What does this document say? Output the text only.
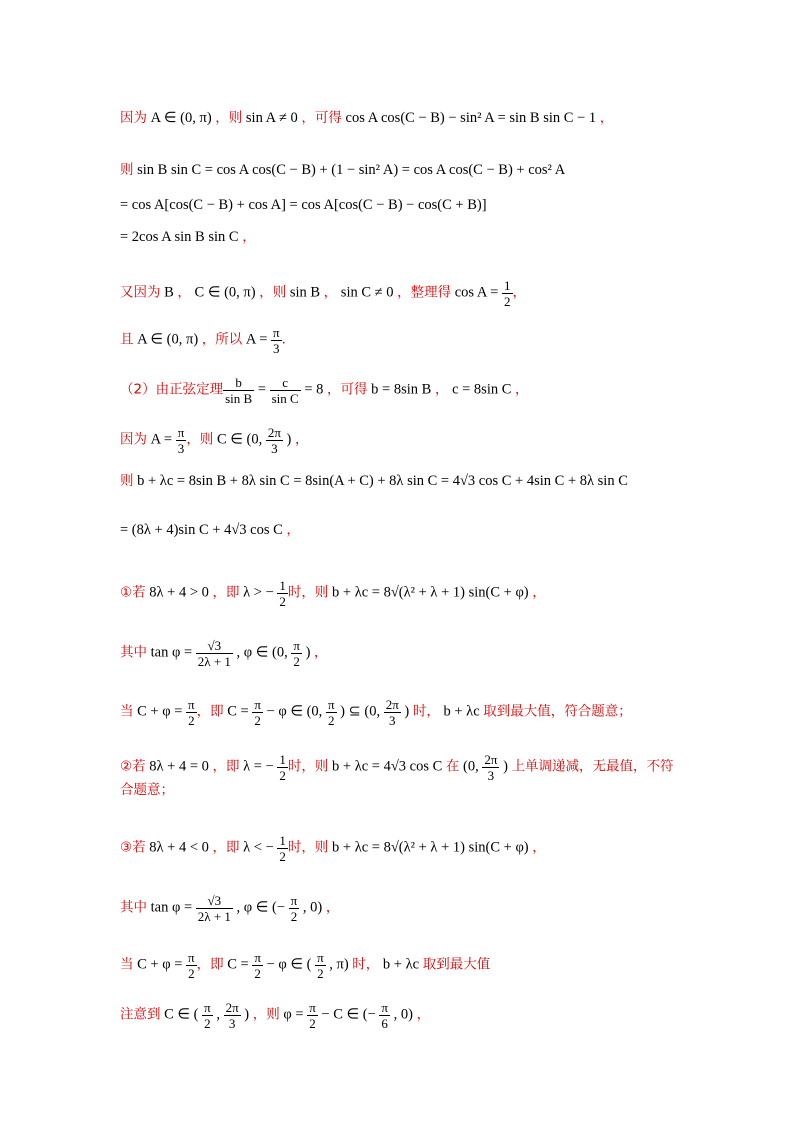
因为 A ∈ (0, π) ，则 sin A ≠ 0 ，可得 cos A cos(C − B) − sin² A = sin B sin C − 1 ，
则 sin B sin C = cos A cos(C − B) + (1 − sin² A) = cos A cos(C − B) + cos² A
= cos A[cos(C − B) + cos A] = cos A[cos(C − B) − cos(C + B)]
= 2cos A sin B sin C ，
又因为 B ， C ∈ (0, π) ，则 sin B ， sin C ≠ 0 ，整理得 $\cos A = \frac{1}{2}$ ，
且 A ∈ (0, π) ，所以 $A = \frac{\pi}{3}$ ．
（2）由正弦定理 $\frac{b}{\text{sin B}} = \frac{c}{\text{sin C}} = 8$ ，可得 b = 8sin B ， c = 8sin C ，
因为 $A = \frac{\pi}{3}$ ，则 C ∈ (0, $\frac{2\pi}{3}$ ) ，
则 b + λc = 8sin B + 8λ sin C = 8sin(A + C) + 8λ sin C = 4√3 cos C + 4sin C + 8λ sin C
= (8λ + 4)sin C + 4√3 cos C ，
①若 8λ + 4 > 0 ，即 λ > − $\frac{1}{2}$ 时，则 b + λc = 8√(λ² + λ + 1) sin(C + φ) ，
其中 $\tan \varphi = \frac{√3}{2\lambda + 1}$ , φ ∈ (0, $\frac{\pi}{2}$ ) ，
当 $C + \varphi = \frac{\pi}{2}$ ，即 $C = \frac{\pi}{2} - \varphi$ ∈ (0, $\frac{\pi}{2}$ ) ⊆ (0, $\frac{2\pi}{3}$ ) 时， b + λc 取到最大值，符合题意；
②若 8λ + 4 = 0 ，即 λ = − $\frac{1}{2}$ 时，则 b + λc = 4√3 cos C 在 (0, $\frac{2\pi}{3}$ ) 上单调递减，无最值，不符
合题意；
③若 8λ + 4 < 0 ，即 λ < − $\frac{1}{2}$ 时，则 b + λc = 8√(λ² + λ + 1) sin(C + φ) ，
其中 $\tan \varphi = \frac{√3}{2\lambda + 1}$ , φ ∈ (− $\frac{\pi}{2}$ , 0) ，
当 $C + \varphi = \frac{\pi}{2}$ ，即 $C = \frac{\pi}{2} - \varphi$ ∈ ( $\frac{\pi}{2}$ , π) 时， b + λc 取到最大值
注意到 C ∈ ( $\frac{\pi}{2}$ , $\frac{2\pi}{3}$ ) ，则 $\varphi = \frac{\pi}{2} - C$ ∈ (− $\frac{\pi}{6}$ , 0) ，
